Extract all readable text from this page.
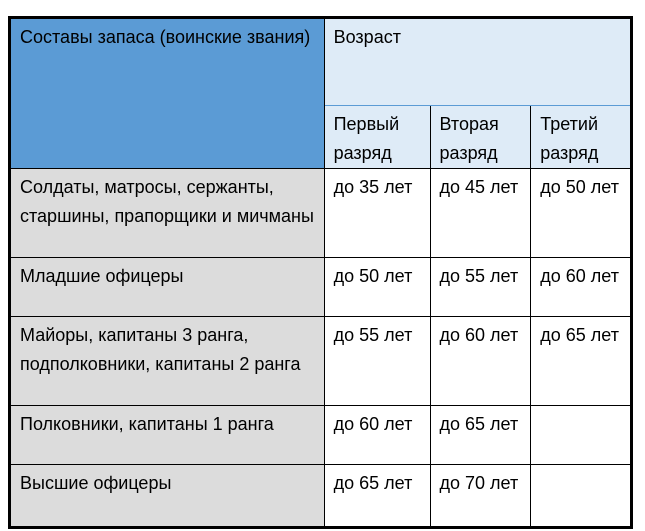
Составы запаса (воинские звания)	Возраст		
	Первый разряд	Вторая разряд	Третий разряд
Солдаты, матросы, сержанты, старшины, прапорщики и мичманы	до 35 лет	до 45 лет	до 50 лет
Младшие офицеры	до 50 лет	до 55 лет	до 60 лет
Майоры, капитаны 3 ранга, подполковники, капитаны 2 ранга	до 55 лет	до 60 лет	до 65 лет
Полковники, капитаны 1 ранга	до 60 лет	до 65 лет	
Высшие офицеры	до 65 лет	до 70 лет	
